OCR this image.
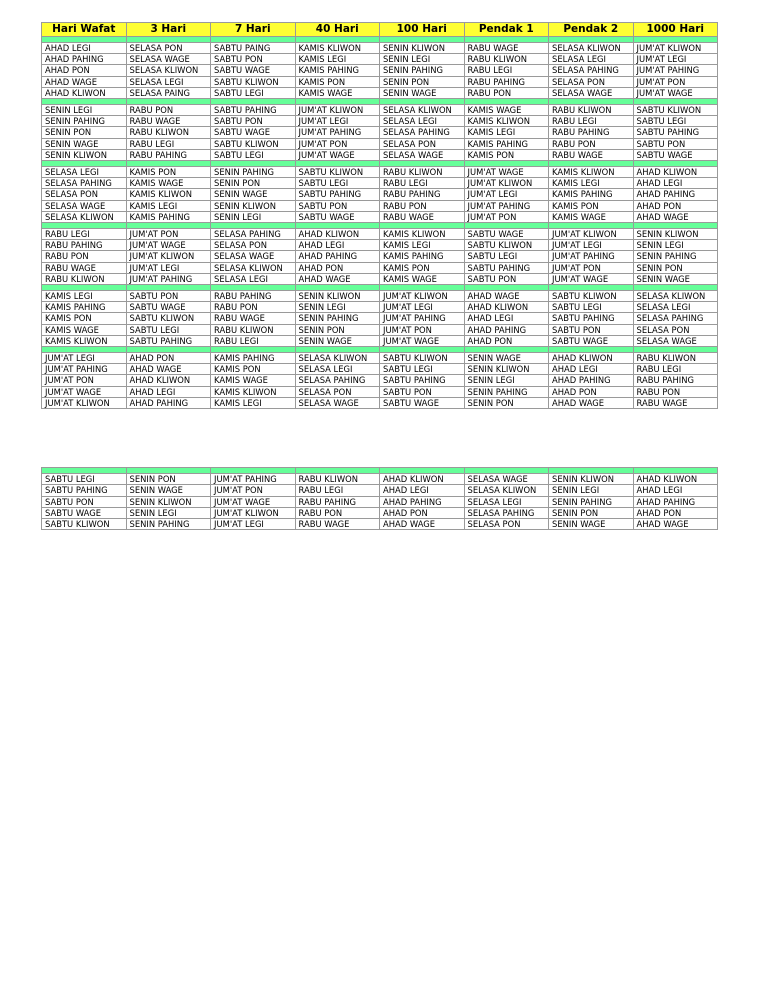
Hari Wafat	3 Hari	7 Hari	40 Hari	100 Hari	Pendak 1	Pendak 2	1000 Hari

AHAD LEGI	SELASA PON	SABTU PAING	KAMIS KLIWON	SENIN KLIWON	RABU WAGE	SELASA KLIWON	JUM'AT KLIWON
AHAD PAHING	SELASA WAGE	SABTU PON	KAMIS LEGI	SENIN LEGI	RABU KLIWON	SELASA LEGI	JUM'AT LEGI
AHAD PON	SELASA KLIWON	SABTU WAGE	KAMIS PAHING	SENIN PAHING	RABU LEGI	SELASA PAHING	JUM'AT PAHING
AHAD WAGE	SELASA LEGI	SABTU KLIWON	KAMIS PON	SENIN PON	RABU PAHING	SELASA PON	JUM'AT PON
AHAD KLIWON	SELASA PAING	SABTU LEGI	KAMIS WAGE	SENIN WAGE	RABU PON	SELASA WAGE	JUM'AT WAGE

SENIN LEGI	RABU PON	SABTU PAHING	JUM'AT KLIWON	SELASA KLIWON	KAMIS WAGE	RABU KLIWON	SABTU KLIWON
SENIN PAHING	RABU WAGE	SABTU PON	JUM'AT LEGI	SELASA LEGI	KAMIS KLIWON	RABU LEGI	SABTU LEGI
SENIN PON	RABU KLIWON	SABTU WAGE	JUM'AT PAHING	SELASA PAHING	KAMIS LEGI	RABU PAHING	SABTU PAHING
SENIN WAGE	RABU LEGI	SABTU KLIWON	JUM'AT PON	SELASA PON	KAMIS PAHING	RABU PON	SABTU PON
SENIN KLIWON	RABU PAHING	SABTU LEGI	JUM'AT WAGE	SELASA WAGE	KAMIS PON	RABU WAGE	SABTU WAGE

SELASA LEGI	KAMIS PON	SENIN PAHING	SABTU KLIWON	RABU KLIWON	JUM'AT WAGE	KAMIS KLIWON	AHAD KLIWON
SELASA PAHING	KAMIS WAGE	SENIN PON	SABTU LEGI	RABU LEGI	JUM'AT KLIWON	KAMIS LEGI	AHAD LEGI
SELASA PON	KAMIS KLIWON	SENIN WAGE	SABTU PAHING	RABU PAHING	JUM'AT LEGI	KAMIS PAHING	AHAD PAHING
SELASA WAGE	KAMIS LEGI	SENIN KLIWON	SABTU PON	RABU PON	JUM'AT PAHING	KAMIS PON	AHAD PON
SELASA KLIWON	KAMIS PAHING	SENIN LEGI	SABTU WAGE	RABU WAGE	JUM'AT PON	KAMIS WAGE	AHAD WAGE

RABU LEGI	JUM'AT PON	SELASA PAHING	AHAD KLIWON	KAMIS KLIWON	SABTU WAGE	JUM'AT KLIWON	SENIN KLIWON
RABU PAHING	JUM'AT WAGE	SELASA PON	AHAD LEGI	KAMIS LEGI	SABTU KLIWON	JUM'AT LEGI	SENIN LEGI
RABU PON	JUM'AT KLIWON	SELASA WAGE	AHAD PAHING	KAMIS PAHING	SABTU LEGI	JUM'AT PAHING	SENIN PAHING
RABU WAGE	JUM'AT LEGI	SELASA KLIWON	AHAD PON	KAMIS PON	SABTU PAHING	JUM'AT PON	SENIN PON
RABU KLIWON	JUM'AT PAHING	SELASA LEGI	AHAD WAGE	KAMIS WAGE	SABTU PON	JUM'AT WAGE	SENIN WAGE

KAMIS LEGI	SABTU PON	RABU PAHING	SENIN KLIWON	JUM'AT KLIWON	AHAD WAGE	SABTU KLIWON	SELASA KLIWON
KAMIS PAHING	SABTU WAGE	RABU PON	SENIN LEGI	JUM'AT LEGI	AHAD KLIWON	SABTU LEGI	SELASA LEGI
KAMIS PON	SABTU KLIWON	RABU WAGE	SENIN PAHING	JUM'AT PAHING	AHAD LEGI	SABTU PAHING	SELASA PAHING
KAMIS WAGE	SABTU LEGI	RABU KLIWON	SENIN PON	JUM'AT PON	AHAD PAHING	SABTU PON	SELASA PON
KAMIS KLIWON	SABTU PAHING	RABU LEGI	SENIN WAGE	JUM'AT WAGE	AHAD PON	SABTU WAGE	SELASA WAGE

JUM'AT LEGI	AHAD PON	KAMIS PAHING	SELASA KLIWON	SABTU KLIWON	SENIN WAGE	AHAD KLIWON	RABU KLIWON
JUM'AT PAHING	AHAD WAGE	KAMIS PON	SELASA LEGI	SABTU LEGI	SENIN KLIWON	AHAD LEGI	RABU LEGI
JUM'AT PON	AHAD KLIWON	KAMIS WAGE	SELASA PAHING	SABTU PAHING	SENIN LEGI	AHAD PAHING	RABU PAHING
JUM'AT WAGE	AHAD LEGI	KAMIS KLIWON	SELASA PON	SABTU PON	SENIN PAHING	AHAD PON	RABU PON
JUM'AT KLIWON	AHAD PAHING	KAMIS LEGI	SELASA WAGE	SABTU WAGE	SENIN PON	AHAD WAGE	RABU WAGE

SABTU LEGI	SENIN PON	JUM'AT PAHING	RABU KLIWON	AHAD KLIWON	SELASA WAGE	SENIN KLIWON	AHAD KLIWON
SABTU PAHING	SENIN WAGE	JUM'AT PON	RABU LEGI	AHAD LEGI	SELASA KLIWON	SENIN LEGI	AHAD LEGI
SABTU PON	SENIN KLIWON	JUM'AT WAGE	RABU PAHING	AHAD PAHING	SELASA LEGI	SENIN PAHING	AHAD PAHING
SABTU WAGE	SENIN LEGI	JUM'AT KLIWON	RABU PON	AHAD PON	SELASA PAHING	SENIN PON	AHAD PON
SABTU KLIWON	SENIN PAHING	JUM'AT LEGI	RABU WAGE	AHAD WAGE	SELASA PON	SENIN WAGE	AHAD WAGE
